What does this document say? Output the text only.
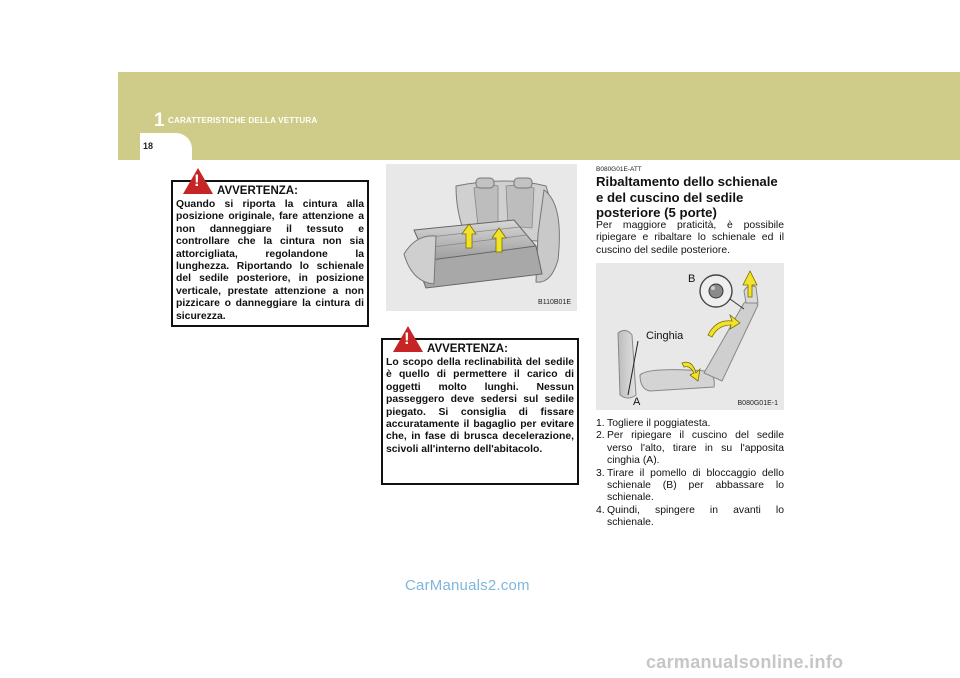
1 CARATTERISTICHE DELLA VETTURA
18
!
AVVERTENZA:
Quando si riporta la cintura alla posizione originale, fare attenzione a non danneggiare il tessuto e controllare che la cintura non sia attorcigliata, regolandone la lunghezza. Riportando lo schienale del sedile posteriore, in posizione verticale, prestate attenzione a non pizzicare o danneggiare la cintura di sicurezza.
B110B01E
!
AVVERTENZA:
Lo scopo della reclinabilità del sedile è quello di permettere il carico di oggetti molto lunghi. Nessun passeggero deve sedersi sul sedile piegato. Si consiglia di fissare accuratamente il bagaglio per evitare che, in fase di brusca decelerazione, scivoli all'interno dell'abitacolo.
B080G01E-ATT
Ribaltamento dello schienale e del cuscino del sedile posteriore (5 porte)
Per maggiore praticità, è possibile ripiegare e ribaltare lo schienale ed il cuscino del sedile posteriore.
B
Cinghia
A	B080G01E-1
1. Togliere il poggiatesta.
2. Per ripiegare il cuscino del sedile verso l'alto, tirare in su l'apposita cinghia (A).
3. Tirare il pomello di bloccaggio dello schienale (B) per abbassare lo schienale.
4. Quindi, spingere in avanti lo schienale.
CarManuals2.com
carmanualsonline.info
